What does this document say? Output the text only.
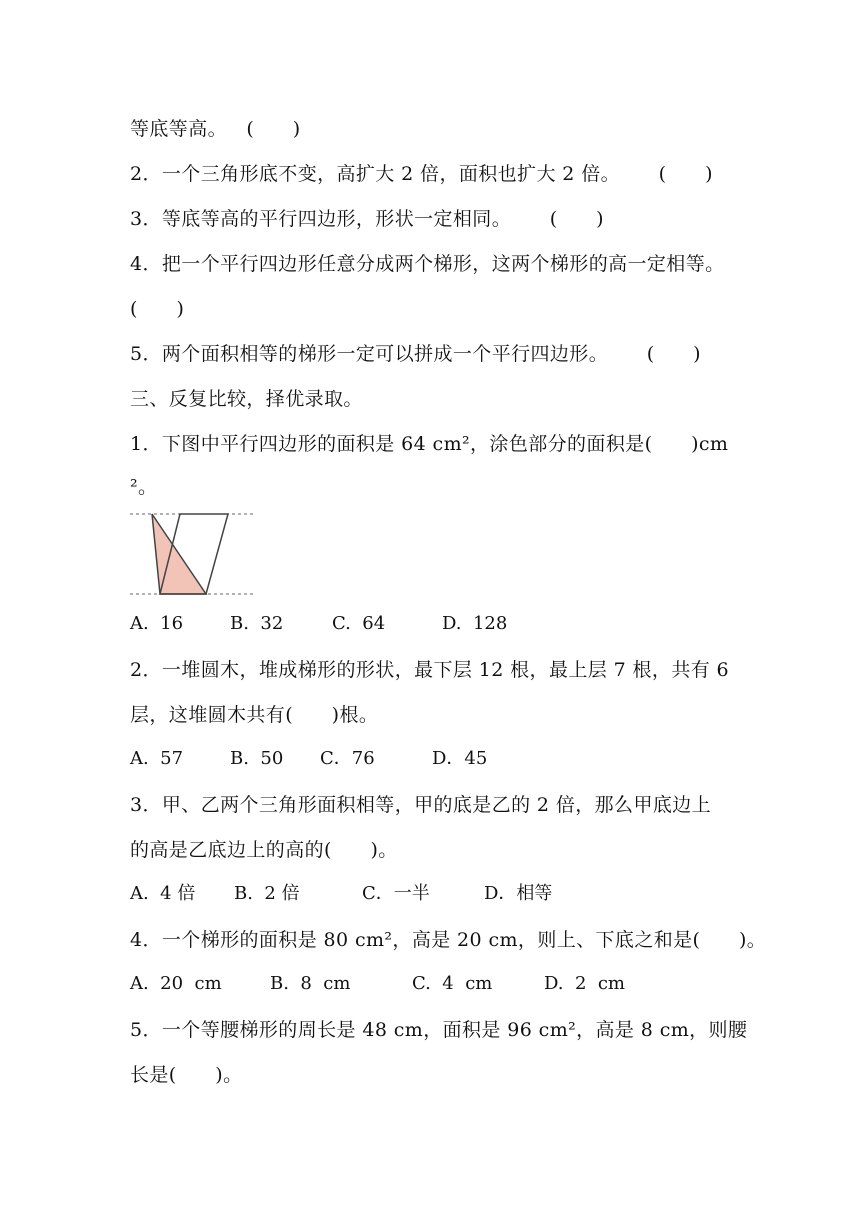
等底等高。   (      )
2．一个三角形底不变，高扩大 2 倍，面积也扩大 2 倍。      (      )
3．等底等高的平行四边形，形状一定相同。      (      )
4．把一个平行四边形任意分成两个梯形，这两个梯形的高一定相等。
(      )
5．两个面积相等的梯形一定可以拼成一个平行四边形。      (      )
三、反复比较，择优录取。
1．下图中平行四边形的面积是 64 cm²，涂色部分的面积是(      )cm
²。

A.  16

	B.  32

	C.  64

	D.  128

2．一堆圆木，堆成梯形的形状，最下层 12 根，最上层 7 根，共有 6
层，这堆圆木共有(      )根。

A.  57

	B.  50

C．76

	D．45

3．甲、乙两个三角形面积相等，甲的底是乙的 2 倍，那么甲底边上
的高是乙底边上的高的(      )。

A.  4 倍

B.  2 倍

	C．一半

	D．相等

4．一个梯形的面积是 80 cm²，高是 20 cm，则上、下底之和是(      )。

A.  20  cm

	B.  8  cm

	C.  4  cm

	D.  2  cm

5．一个等腰梯形的周长是 48 cm，面积是 96 cm²，高是 8 cm，则腰
长是(      )。
